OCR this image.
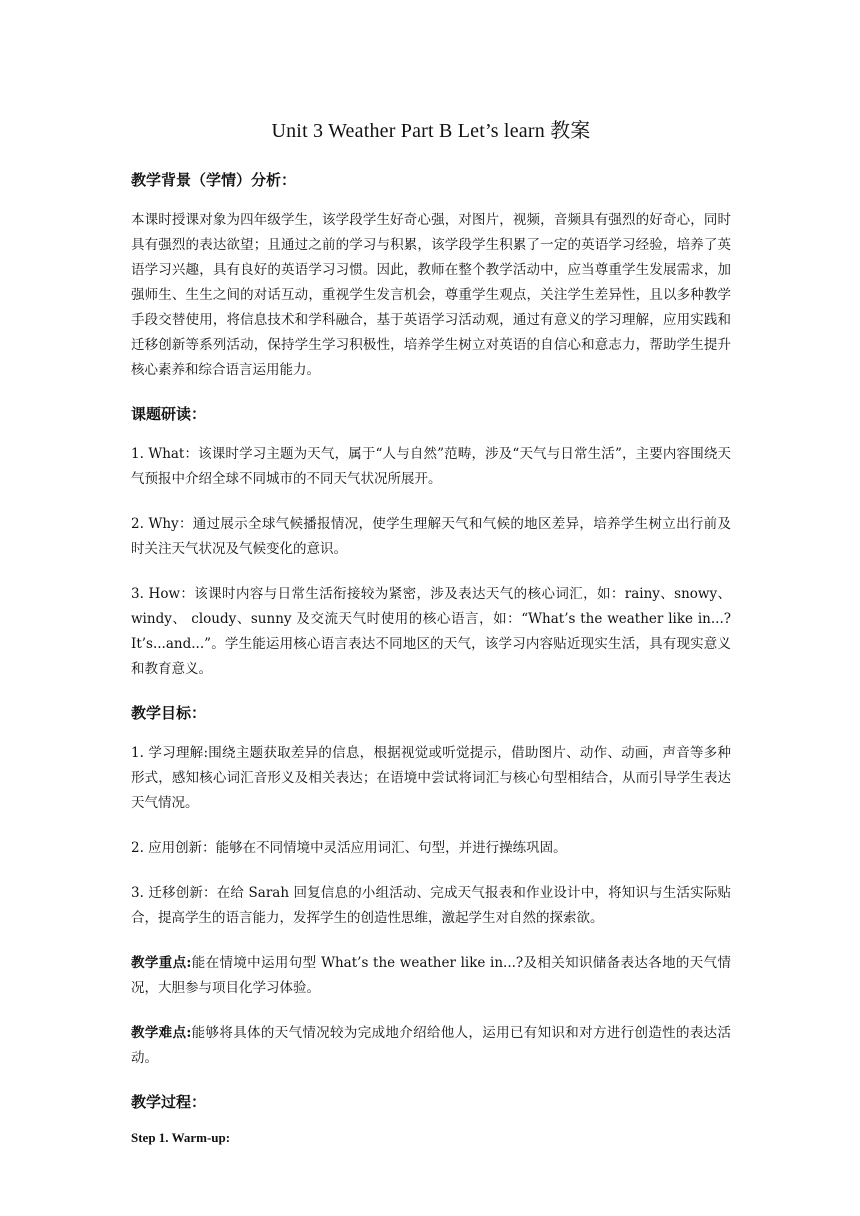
Unit 3 Weather Part B Let’s learn 教案

教学背景（学情）分析：

本课时授课对象为四年级学生，该学段学生好奇心强，对图片，视频，音频具有强烈的好奇心，同时具有强烈的表达欲望；且通过之前的学习与积累，该学段学生积累了一定的英语学习经验，培养了英语学习兴趣，具有良好的英语学习习惯。因此，教师在整个教学活动中，应当尊重学生发展需求，加强师生、生生之间的对话互动，重视学生发言机会，尊重学生观点，关注学生差异性，且以多种教学手段交替使用，将信息技术和学科融合，基于英语学习活动观，通过有意义的学习理解，应用实践和迁移创新等系列活动，保持学生学习积极性，培养学生树立对英语的自信心和意志力，帮助学生提升核心素养和综合语言运用能力。

课题研读：

1. What：该课时学习主题为天气，属于“人与自然”范畴，涉及“天气与日常生活”，主要内容围绕天气预报中介绍全球不同城市的不同天气状况所展开。

2. Why：通过展示全球气候播报情况，使学生理解天气和气候的地区差异，培养学生树立出行前及时关注天气状况及气候变化的意识。

3. How：该课时内容与日常生活衔接较为紧密，涉及表达天气的核心词汇，如：rainy、snowy、windy、 cloudy、sunny 及交流天气时使用的核心语言，如：“What’s the weather like in...? It’s...and...”。学生能运用核心语言表达不同地区的天气，该学习内容贴近现实生活，具有现实意义和教育意义。

教学目标：

1. 学习理解:围绕主题获取差异的信息，根据视觉或听觉提示，借助图片、动作、动画，声音等多种形式，感知核心词汇音形义及相关表达；在语境中尝试将词汇与核心句型相结合，从而引导学生表达天气情况。

2. 应用创新：能够在不同情境中灵活应用词汇、句型，并进行操练巩固。

3. 迁移创新：在给 Sarah 回复信息的小组活动、完成天气报表和作业设计中，将知识与生活实际贴合，提高学生的语言能力，发挥学生的创造性思维，激起学生对自然的探索欲。

教学重点:能在情境中运用句型 What’s the weather like in...?及相关知识储备表达各地的天气情况，大胆参与项目化学习体验。

教学难点:能够将具体的天气情况较为完成地介绍给他人，运用已有知识和对方进行创造性的表达活动。

教学过程：

Step 1. Warm-up:
